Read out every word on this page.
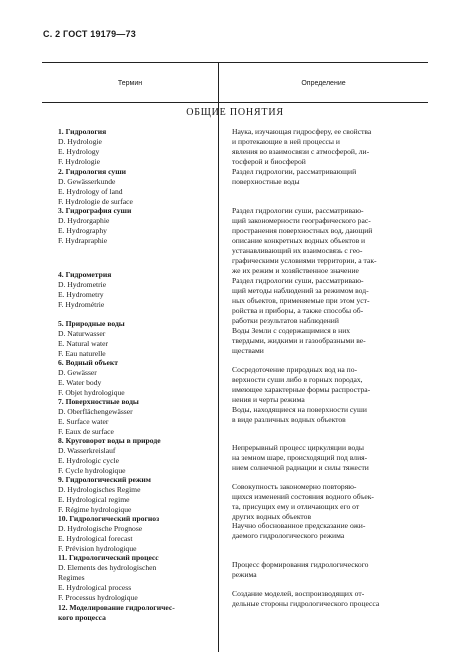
С. 2 ГОСТ 19179—73
Термин	Определение
ОБЩИЕ ПОНЯТИЯ
1. Гидрология
D. Hydrologie
E. Hydrology
F. Hydrologie
2. Гидрология суши
D. Gewässerkunde
E. Hydrology of land
F. Hydrologie de surface
3. Гидрография суши
D. Hydrorgaphie
E. Hydrography
F. Hydrapraphie
4. Гидрометрия
D. Hydrometrie
E. Hydrometry
F. Hydrométrie
5. Природные воды
D. Naturwasser
E. Natural water
F. Eau naturelle
6. Водный объект
D. Gewässer
E. Water body
F. Objet hydrologique
7. Поверхностные воды
D. Oberflächengewässer
E. Surface water
F. Eaux de surface
8. Круговорот воды в природе
D. Wasserkreislauf
E. Hydrologic cycle
F. Cycle hydrologique
9. Гидрологический режим
D. Hydrologisches Regime
E. Hydrological regime
F. Régime hydrologique
10. Гидрологический прогноз
D. Hydrologische Prognose
E. Hydrological forecast
F. Prévision hydrologique
11. Гидрологический процесс
D. Elements des hydrologischen
Regimes
E. Hydrological process
F. Processus hydrologique
12. Моделирование гидрологичес-
кого процесса
Наука, изучающая гидросферу, ее свойства
и протекающие в ней процессы и
явления во взаимосвязи с атмосферой, ли-
тосферой и биосферой
Раздел гидрологии, рассматривающий
поверхностные воды
Раздел гидрологии суши, рассматриваю-
щий закономерности географического рас-
пространения поверхностных вод, дающий
описание конкретных водных объектов и
устанавливающий их взаимосвязь с гео-
графическими условиями территории, а так-
же их режим и хозяйственное значение
Раздел гидрологии суши, рассматриваю-
щий методы наблюдений за режимом вод-
ных объектов, применяемые при этом уст-
ройства и приборы, а также способы об-
работки результатов наблюдений
Воды Земли с содержащимися в них
твердыми, жидкими и газообразными ве-
ществами
Сосредоточение природных вод на по-
верхности суши либо в горных породах,
имеющее характерные формы распростра-
нения и черты режима
Воды, находящиеся на поверхности суши
в виде различных водных объектов
Непрерывный процесс циркуляции воды
на земном шаре, происходящий под влия-
нием солнечной радиации и силы тяжести
Совокупность закономерно повторяю-
щихся изменений состояния водного объек-
та, присущих ему и отличающих его от
других водных объектов
Научно обоснованное предсказание ожи-
даемого гидрологического режима
Процесс формирования гидрологического
режима
Создание моделей, воспроизводящих от-
дельные стороны гидрологического процесса
